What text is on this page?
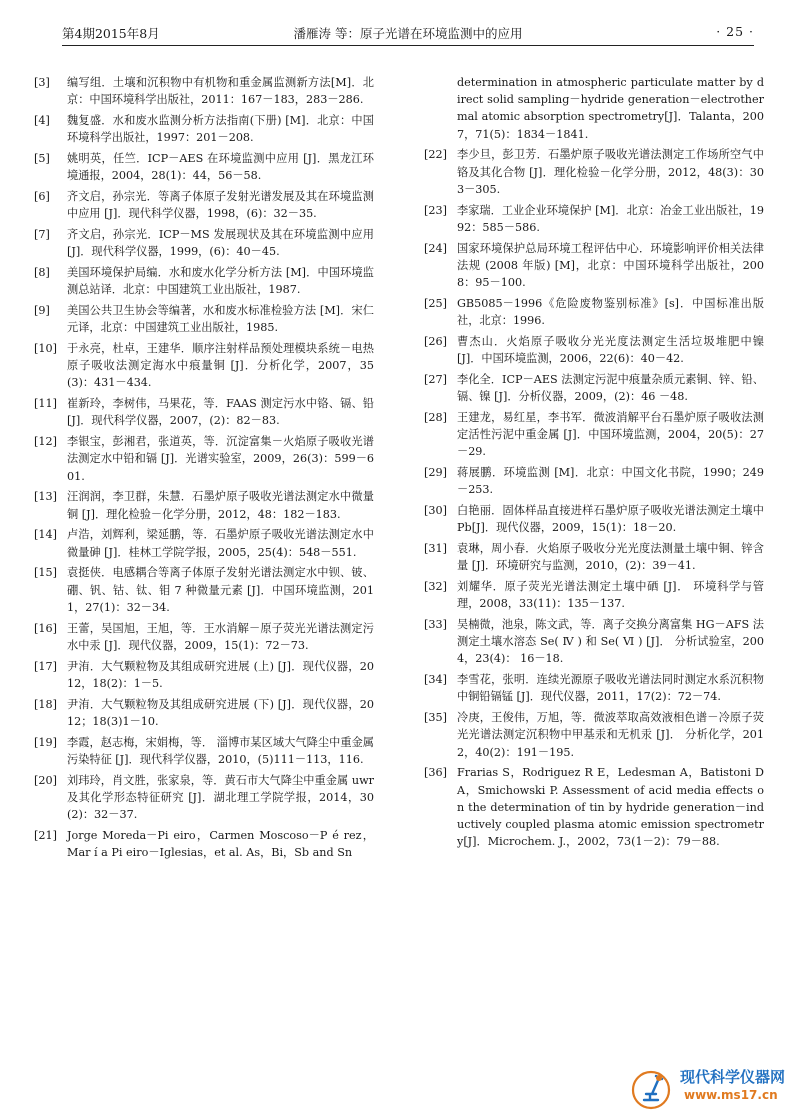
第4期2015年8月	潘雁涛 等：原子光谱在环境监测中的应用	· 25 ·
[3]	编写组．土壤和沉积物中有机物和重金属监测新方法[M]．北京：中国环境科学出版社，2011：167－183，283－286.
[4]	魏复盛．水和废水监测分析方法指南(下册) [M]．北京：中国环境科学出版社，1997：201－208.
[5]	姚明英，任竺．ICP－AES 在环境监测中应用 [J]．黑龙江环境通报，2004，28(1)：44，56－58.
[6]	齐文启，孙宗光．等离子体原子发射光谱发展及其在环境监测中应用 [J]．现代科学仪器，1998，(6)：32－35.
[7]	齐文启，孙宗光．ICP－MS 发展现状及其在环境监测中应用 [J]．现代科学仪器，1999，(6)：40－45.
[8]	美国环境保护局编．水和废水化学分析方法 [M]．中国环境监测总站译．北京：中国建筑工业出版社，1987.
[9]	美国公共卫生协会等编著，水和废水标准检验方法 [M]．宋仁元译，北京：中国建筑工业出版社，1985.
[10] 于永亮，杜卓，王建华．顺序注射样品预处理模块系统－电热原子吸收法测定海水中痕量铜 [J]．分析化学，2007，35(3)：431－434.
[11] 崔新玲，李树伟，马果花，等．FAAS 测定污水中铬、镉、铅[J]．现代科学仪器，2007，(2)：82－83.
[12] 李银宝，彭湘君，张道英，等．沉淀富集－火焰原子吸收光谱法测定水中铅和镉 [J]．光谱实验室，2009，26(3)：599－601.
[13] 汪润润，李卫群，朱慧．石墨炉原子吸收光谱法测定水中微量铜 [J]．理化检验－化学分册，2012，48：182－183.
[14] 卢浩，刘辉利，梁延鹏，等．石墨炉原子吸收光谱法测定水中微量砷 [J]．桂林工学院学报，2005，25(4)：548－551.
[15] 袁挺侠．电感耦合等离子体原子发射光谱法测定水中钡、铍、硼、钒、钴、钛、钼 7 种微量元素 [J]．中国环境监测，2011，27(1)：32－34.
[16] 王蕾，吴国旭，王旭，等．王水消解－原子荧光光谱法测定污水中汞 [J]．现代仪器，2009，15(1)：72－73.
[17] 尹洧．大气颗粒物及其组成研究进展 (上) [J]．现代仪器，2012，18(2)：1－5.
[18] 尹洧．大气颗粒物及其组成研究进展 (下) [J]．现代仪器，2012；18(3)1－10.
[19] 李霞，赵志梅，宋娟梅，等． 淄博市某区域大气降尘中重金属污染特征 [J]．现代科学仪器，2010，(5)111－113，116.
[20] 刘玮玲，肖文胜，张家泉，等．黄石市大气降尘中重金属 uwr 及其化学形态特征研究 [J]．湖北理工学院学报，2014，30(2)：32－37.
[21] Jorge Moreda－Pi eiro，Carmen Moscoso－P é rez，Mar í a Pi eiro－Iglesias，et al. As，Bi，Sb and Sn
determination in atmospheric particulate matter by direct solid sampling－hydride generation－electrothermal atomic absorption spectrometry[J]．Talanta，2007，71(5)：1834－1841.
[22] 李少旦，彭卫芳．石墨炉原子吸收光谱法测定工作场所空气中铬及其化合物 [J]．理化检验－化学分册，2012，48(3)：303－305.
[23] 李家瑞．工业企业环境保护 [M]．北京：冶金工业出版社，1992：585－586.
[24] 国家环境保护总局环境工程评估中心．环境影响评价相关法律法规 (2008 年版) [M]，北京：中国环境科学出版社，2008：95－100.
[25] GB5085－1996《危险废物鉴别标准》[s]．中国标准出版社，北京：1996.
[26] 曹杰山．火焰原子吸收分光光度法测定生活垃圾堆肥中镍 [J]．中国环境监测，2006，22(6)：40－42.
[27] 李化全．ICP－AES 法测定污泥中痕量杂质元素铜、锌、铅、镉、镍 [J]．分析仪器，2009，(2)：46 －48.
[28] 王建龙，易红星，李书军．微波消解平台石墨炉原子吸收法测定活性污泥中重金属 [J]．中国环境监测，2004，20(5)：27－29.
[29] 蒋展鹏．环境监测 [M]．北京：中国文化书院，1990；249－253.
[30] 白艳丽．固体样品直接进样石墨炉原子吸收光谱法测定土壤中 Pb[J]．现代仪器，2009，15(1)：18－20.
[31] 袁琳，周小春．火焰原子吸收分光光度法测量土壤中铜、锌含量 [J]．环境研究与监测，2010，(2)：39－41.
[32] 刘耀华．原子荧光光谱法测定土壤中硒 [J]． 环境科学与管理，2008，33(11)：135－137.
[33] 吴楠微，池泉，陈文武，等．离子交换分离富集 HG－AFS 法测定土壤水溶态 Se( Ⅳ ) 和 Se( Ⅵ ) [J]． 分析试验室，2004，23(4)： 16－18.
[34] 李雪花，张明．连续光源原子吸收光谱法同时测定水系沉积物中铜铅镉锰 [J]．现代仪器，2011，17(2)：72－74.
[35] 冷庚，王俊伟，万旭，等．微波萃取高效液相色谱－冷原子荧光光谱法测定沉积物中甲基汞和无机汞 [J]． 分析化学，2012，40(2)：191－195.
[36] Frarias S，Rodriguez R E，Ledesman A，Batistoni D A，Smichowski P. Assessment of acid media effects on the determination of tin by hydride generation－inductively coupled plasma atomic emission spectrometry[J]．Microchem. J.，2002，73(1－2)：79－88.
现代科学仪器网
www.ms17.cn
